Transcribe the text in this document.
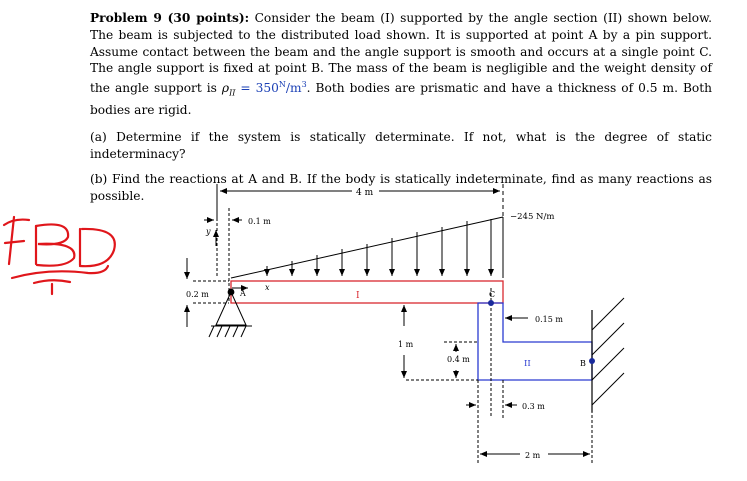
Problem 9 (30 points): Consider the beam (I) supported by the angle section (II) shown below. The beam is subjected to the distributed load shown. It is supported at point A by a pin support. Assume contact between the beam and the angle support is smooth and occurs at a single point C. The angle support is fixed at point B. The mass of the beam is negligible and the weight density of the angle support is $\rho_{II} = 350^N/m^3$. Both bodies are prismatic and have a thickness of 0.5 m. Both bodies are rigid.

(a) Determine if the system is statically determinate. If not, what is the degree of static indeterminacy?

(b) Find the reactions at A and B. If the body is statically indeterminate, find as many reactions as possible.	4 m
0.1 m
y
−245 N/m
x
I
0.2 m	A
II
C
0.15 m
1 m
0.4 m
0.3 m
2 m
B
